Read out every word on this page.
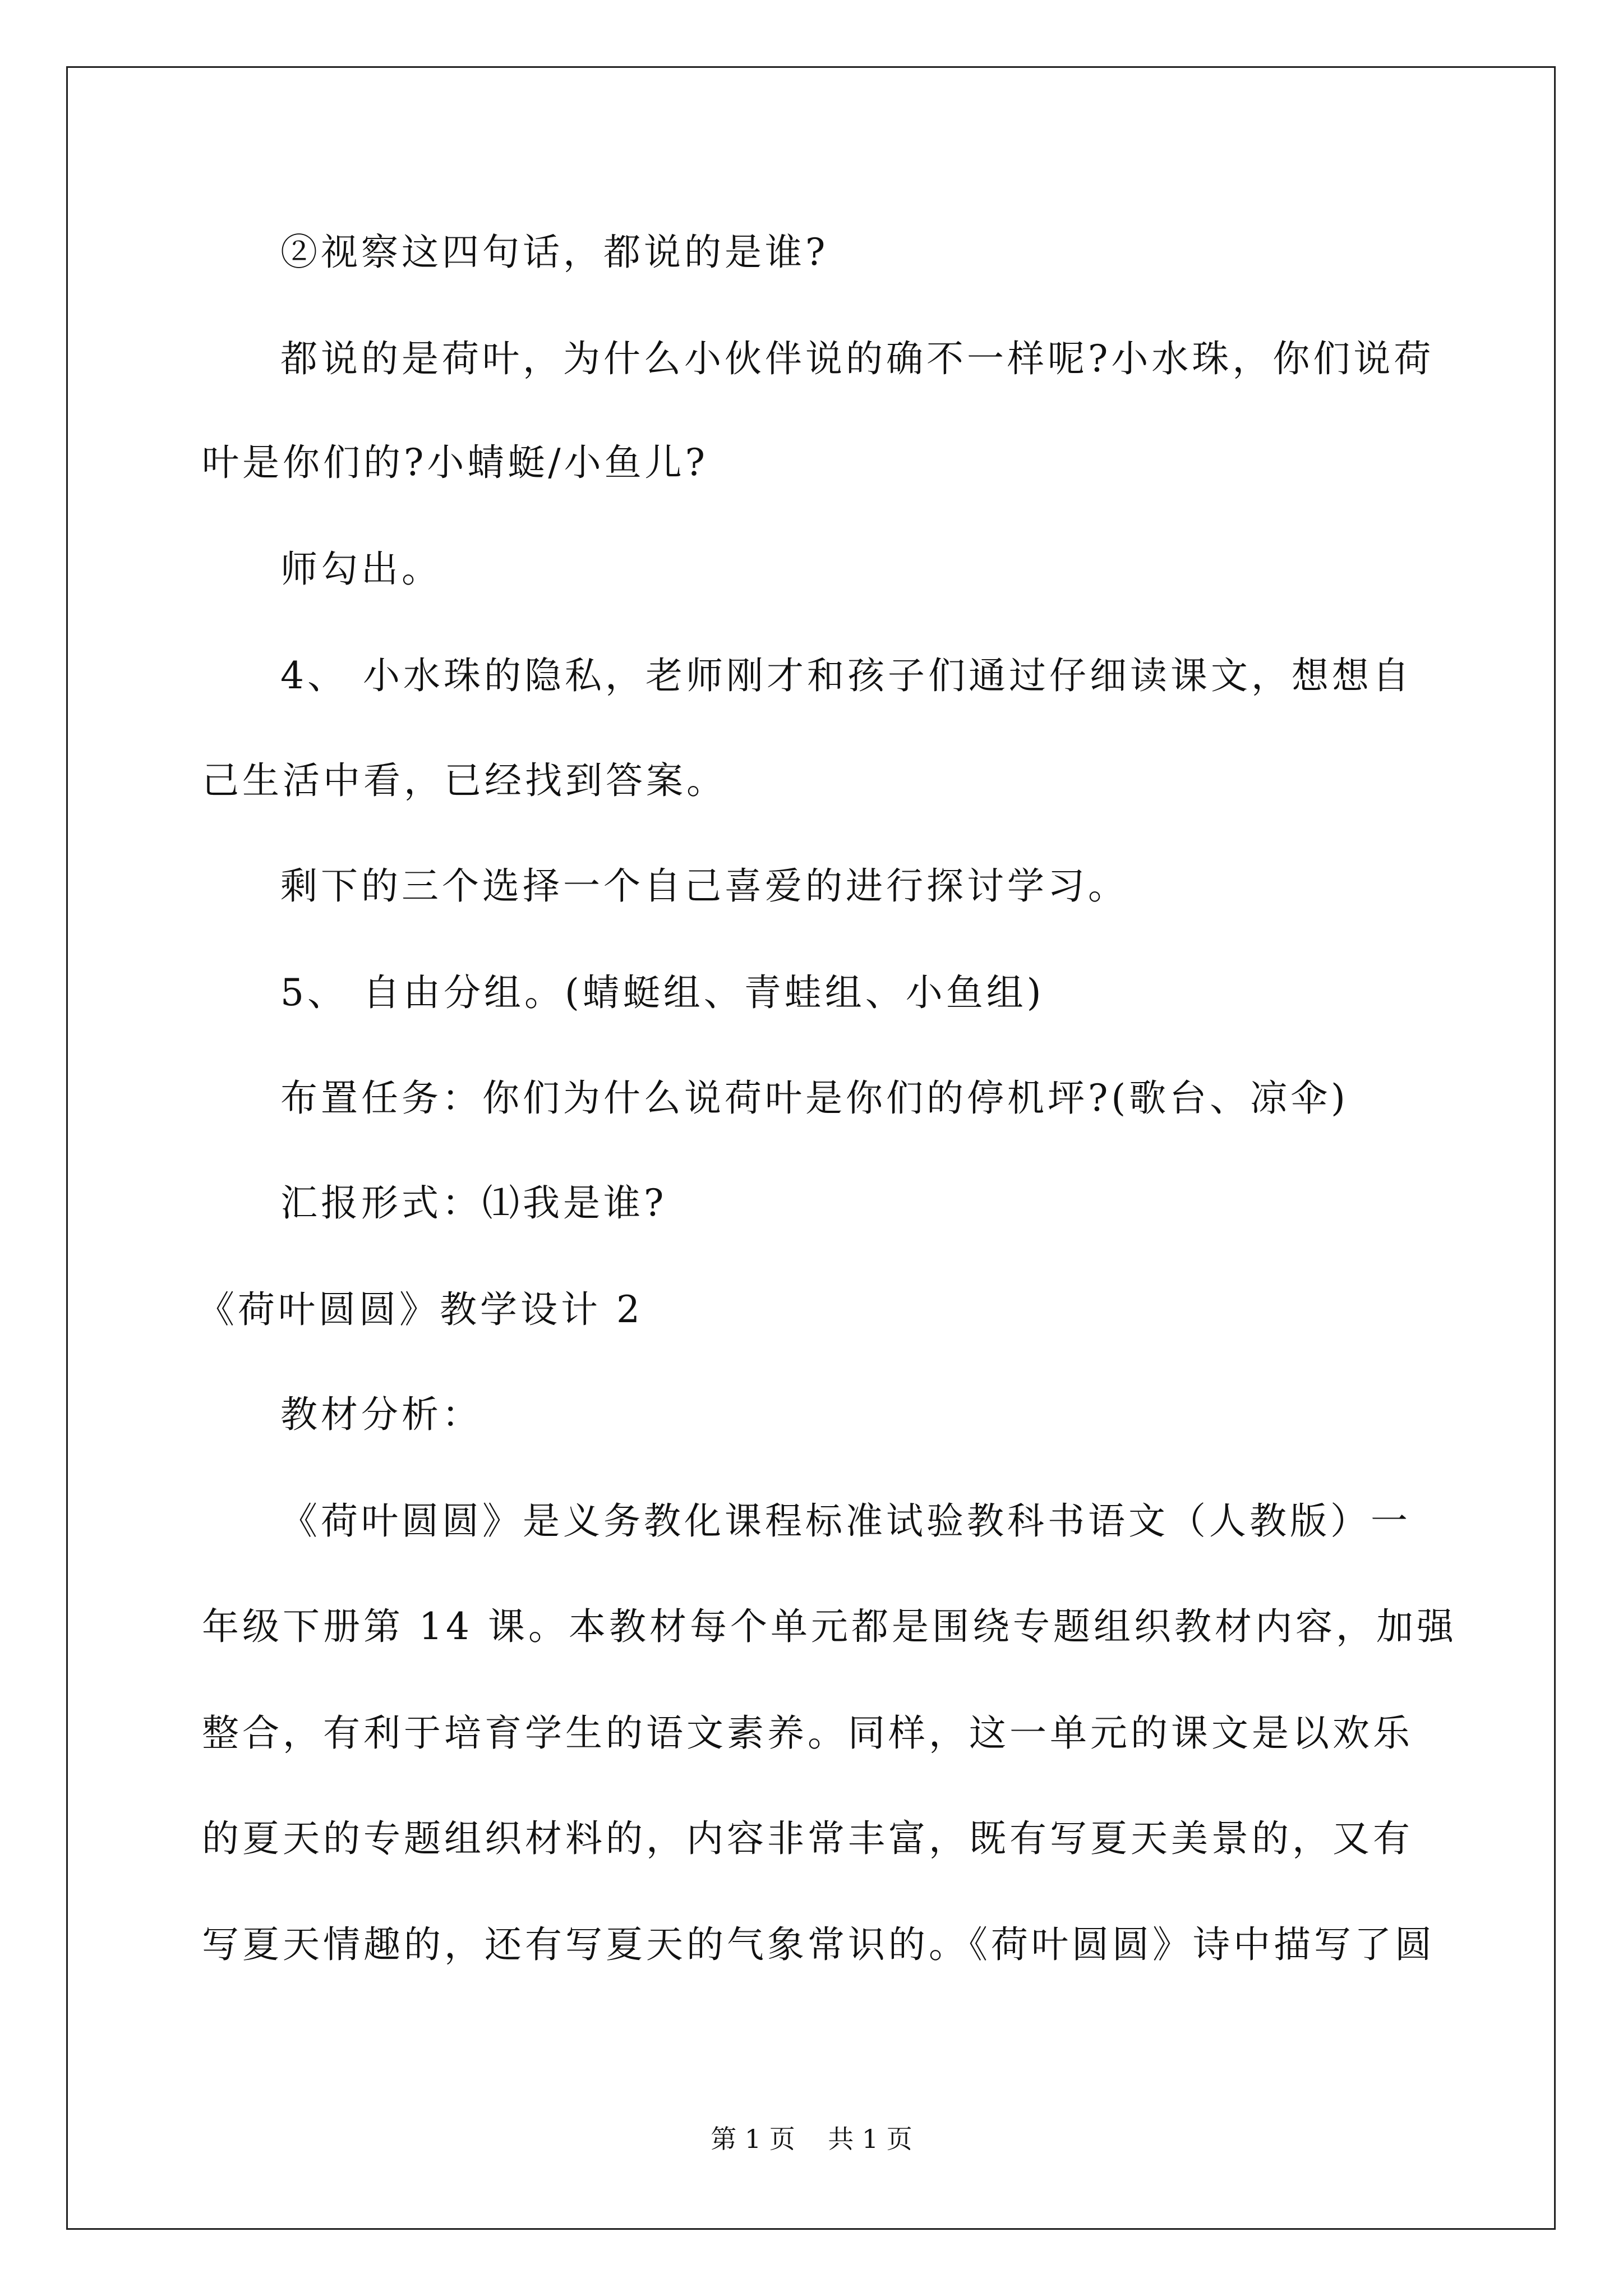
②视察这四句话，都说的是谁?
都说的是荷叶，为什么小伙伴说的确不一样呢?小水珠，你们说荷
叶是你们的?小蜻蜓/小鱼儿?
师勾出。
4、 小水珠的隐私，老师刚才和孩子们通过仔细读课文，想想自
己生活中看，已经找到答案。
剩下的三个选择一个自己喜爱的进行探讨学习。
5、 自由分组。(蜻蜓组、青蛙组、小鱼组)
布置任务：你们为什么说荷叶是你们的停机坪?(歌台、凉伞)
汇报形式：⑴我是谁?
《荷叶圆圆》教学设计 2
教材分析：
《荷叶圆圆》是义务教化课程标准试验教科书语文（人教版）一
年级下册第 14 课。本教材每个单元都是围绕专题组织教材内容，加强
整合，有利于培育学生的语文素养。同样，这一单元的课文是以欢乐
的夏天的专题组织材料的，内容非常丰富，既有写夏天美景的，又有
写夏天情趣的，还有写夏天的气象常识的。《荷叶圆圆》诗中描写了圆
第 1 页    共 1 页
